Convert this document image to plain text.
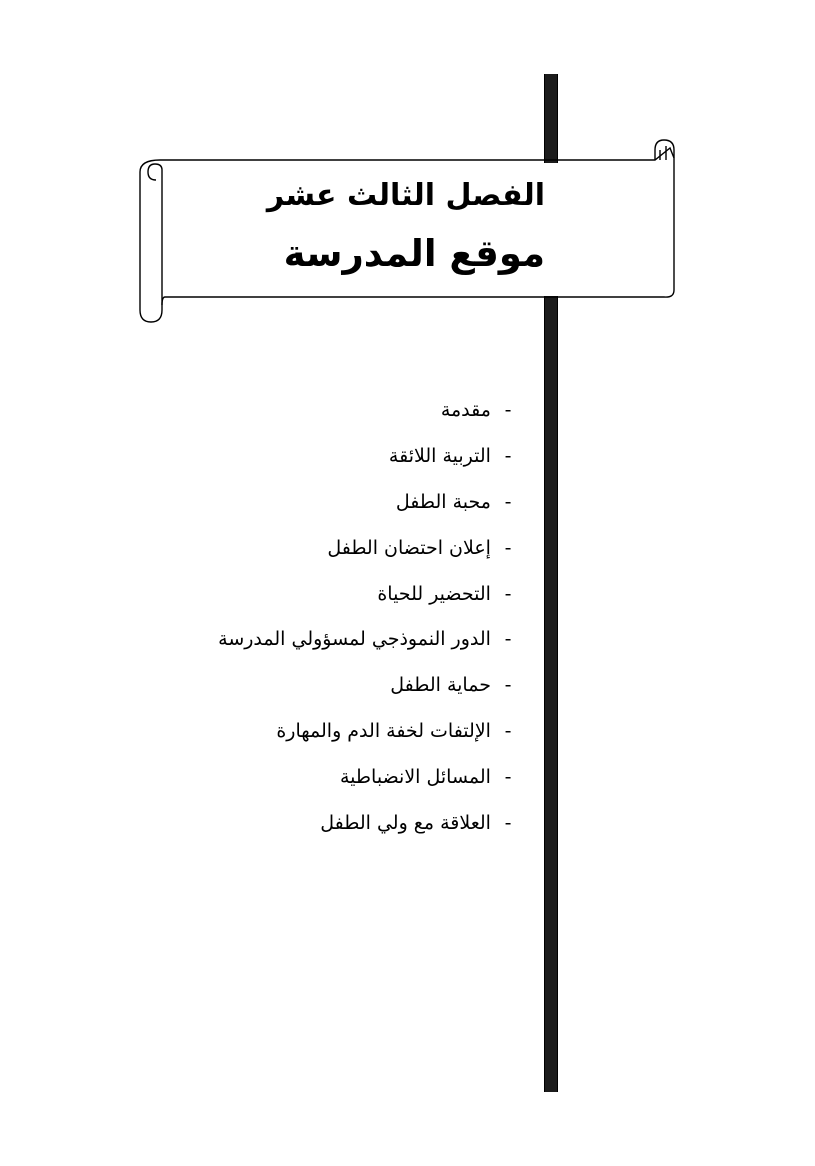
الفصل الثالث عشر
موقع المدرسة
- مقدمة
- التربية اللائقة
- محبة الطفل
- إعلان احتضان الطفل
- التحضير للحياة
- الدور النموذجي لمسؤولي المدرسة
- حماية الطفل
- الإلتفات لخفة الدم والمهارة
- المسائل الانضباطية
- العلاقة مع ولي الطفل
